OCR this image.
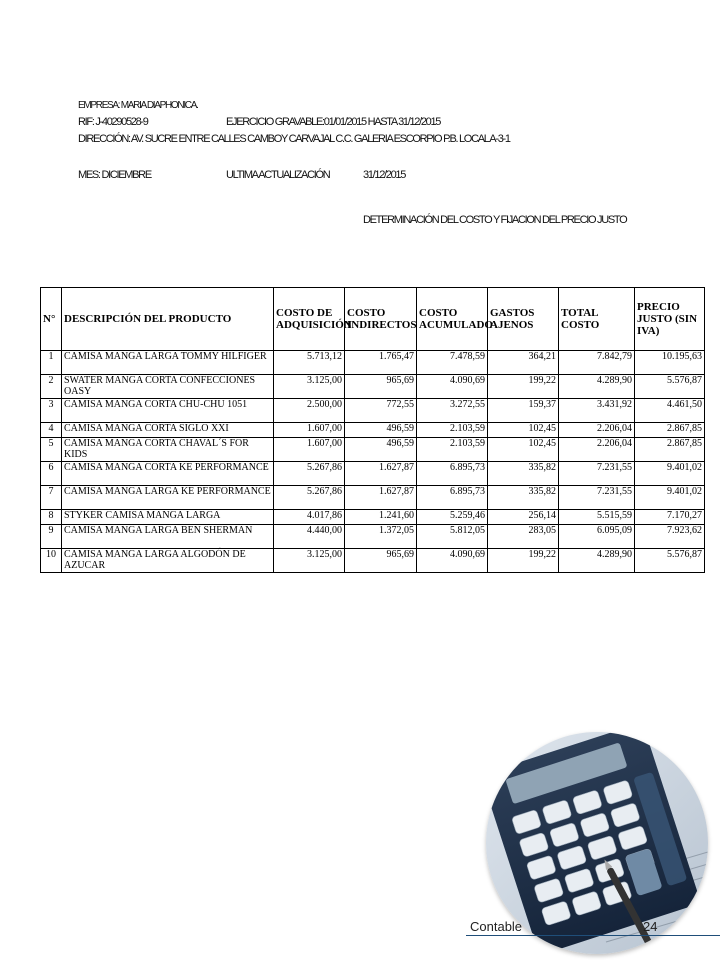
EMPRESA: MARIA DIAPHONICA.
RIF: J-40290528-9	EJERCICIO GRAVABLE:01/01/2015 HASTA 31/12/2015
DIRECCIÓN: AV. SUCRE ENTRE CALLES CAMBOY CARVAJAL C.C. GALERIA ESCORPIO P.B. LOCAL A-3-1
MES: DICIEMBRE	ULTIMA ACTUALIZACIÓN	31/12/2015
DETERMINACIÓN DEL COSTO Y FIJACION DEL PRECIO JUSTO
N°	DESCRIPCIÓN DEL PRODUCTO	COSTO DE ADQUISICIÓN	COSTO INDIRECTOS	COSTO ACUMULADO	GASTOS AJENOS	TOTAL COSTO	PRECIO JUSTO (SIN IVA)
1	CAMISA MANGA LARGA TOMMY HILFIGER	5.713,12	1.765,47	7.478,59	364,21	7.842,79	10.195,63
2	SWATER MANGA CORTA CONFECCIONES OASY	3.125,00	965,69	4.090,69	199,22	4.289,90	5.576,87
3	CAMISA MANGA CORTA CHU-CHU 1051	2.500,00	772,55	3.272,55	159,37	3.431,92	4.461,50
4	CAMISA MANGA CORTA SIGLO XXI	1.607,00	496,59	2.103,59	102,45	2.206,04	2.867,85
5	CAMISA MANGA CORTA CHAVAL´S FOR KIDS	1.607,00	496,59	2.103,59	102,45	2.206,04	2.867,85
6	CAMISA MANGA CORTA KE PERFORMANCE	5.267,86	1.627,87	6.895,73	335,82	7.231,55	9.401,02
7	CAMISA MANGA LARGA KE PERFORMANCE	5.267,86	1.627,87	6.895,73	335,82	7.231,55	9.401,02
8	STYKER CAMISA MANGA LARGA	4.017,86	1.241,60	5.259,46	256,14	5.515,59	7.170,27
9	CAMISA MANGA LARGA BEN SHERMAN	4.440,00	1.372,05	5.812,05	283,05	6.095,09	7.923,62
10	CAMISA MANGA LARGA ALGODÓN DE AZUCAR	3.125,00	965,69	4.090,69	199,22	4.289,90	5.576,87
Contable	24
